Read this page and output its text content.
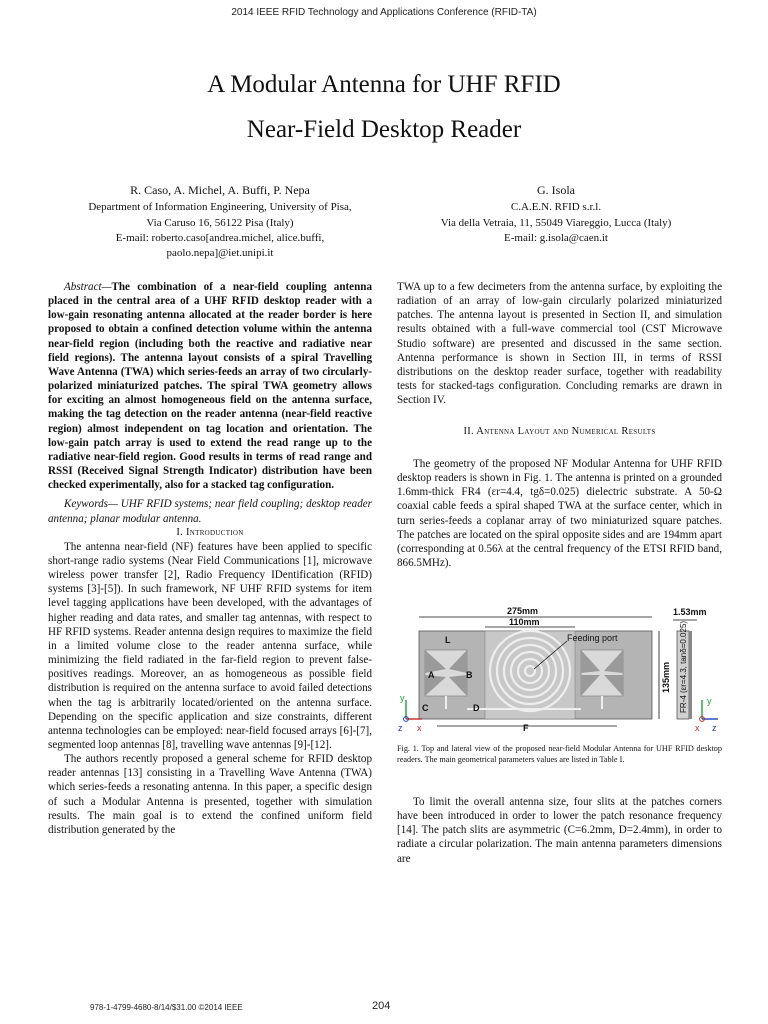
2014 IEEE RFID Technology and Applications Conference (RFID-TA)
A Modular Antenna for UHF RFID
Near-Field Desktop Reader
R. Caso, A. Michel, A. Buffi, P. Nepa
Department of Information Engineering, University of Pisa,
Via Caruso 16, 56122 Pisa (Italy)
E-mail: roberto.caso[andrea.michel, alice.buffi,
paolo.nepa]@iet.unipi.it
G. Isola
C.A.E.N. RFID s.r.l.
Via della Vetraia, 11, 55049 Viareggio, Lucca (Italy)
E-mail: g.isola@caen.it

Abstract—The combination of a near-field coupling antenna placed in the central area of a UHF RFID desktop reader with a low-gain resonating antenna allocated at the reader border is here proposed to obtain a confined detection volume within the antenna near-field region (including both the reactive and radiative near field regions). The antenna layout consists of a spiral Travelling Wave Antenna (TWA) which series-feeds an array of two circularly-polarized miniaturized patches. The spiral TWA geometry allows for exciting an almost homogeneous field on the antenna surface, making the tag detection on the reader antenna (near-field reactive region) almost independent on tag location and orientation. The low-gain patch array is used to extend the read range up to the radiative near-field region. Good results in terms of read range and RSSI (Received Signal Strength Indicator) distribution have been checked experimentally, also for a stacked tag configuration.

Keywords— UHF RFID systems; near field coupling; desktop reader antenna; planar modular antenna.

I. Introduction

The antenna near-field (NF) features have been applied to specific short-range radio systems (Near Field Communications [1], microwave wireless power transfer [2], Radio Frequency IDentification (RFID) systems [3]-[5]). In such framework, NF UHF RFID systems for item level tagging applications have been developed, with the advantages of higher reading and data rates, and smaller tag antennas, with respect to HF RFID systems. Reader antenna design requires to maximize the field in a limited volume close to the reader antenna surface, while minimizing the field radiated in the far-field region to prevent false-positives readings. Moreover, an as homogeneous as possible field distribution is required on the antenna surface to avoid failed detections when the tag is arbitrarily located/oriented on the antenna surface. Depending on the specific application and size constraints, different antenna technologies can be employed: near-field focused arrays [6]-[7], segmented loop antennas [8], travelling wave antennas [9]-[12].

The authors recently proposed a general scheme for RFID desktop reader antennas [13] consisting in a Travelling Wave Antenna (TWA) which series-feeds a resonating antenna. In this paper, a specific design of such a Modular Antenna is presented, together with simulation results. The main goal is to extend the confined uniform field distribution generated by the

TWA up to a few decimeters from the antenna surface, by exploiting the radiation of an array of low-gain circularly polarized miniaturized patches. The antenna layout is presented in Section II, and simulation results obtained with a full-wave commercial tool (CST Microwave Studio software) are presented and discussed in the same section. Antenna performance is shown in Section III, in terms of RSSI distributions on the desktop reader surface, together with readability tests for stacked-tags configuration. Concluding remarks are drawn in Section IV.

II. Antenna Layout and Numerical Results

The geometry of the proposed NF Modular Antenna for UHF RFID desktop readers is shown in Fig. 1. The antenna is printed on a grounded 1.6mm-thick FR4 (εr=4.4, tgδ=0.025) dielectric substrate. A 50-Ω coaxial cable feeds a spiral shaped TWA at the surface center, which in turn series-feeds a coplanar array of two miniaturized square patches. The patches are located on the spiral opposite sides and are 194mm apart (corresponding at 0.56λ at the central frequency of the ETSI RFID band, 866.5MHz).

275mm
110mm
Feeding port
L
A	B
C	D
F
135mm FR-4 (εr=4.3, tanδ=0.025)
1.53mm
y
x
z
y
z
x
Fig. 1. Top and lateral view of the proposed near-field Modular Antenna for UHF RFID desktop readers. The main geometrical parameters values are listed in Table I.

To limit the overall antenna size, four slits at the patches corners have been introduced in order to lower the patch resonance frequency [14]. The patch slits are asymmetric (C=6.2mm, D=2.4mm), in order to radiate a circular polarization. The main antenna parameters dimensions are

978-1-4799-4680-8/14/$31.00 ©2014 IEEE	204
